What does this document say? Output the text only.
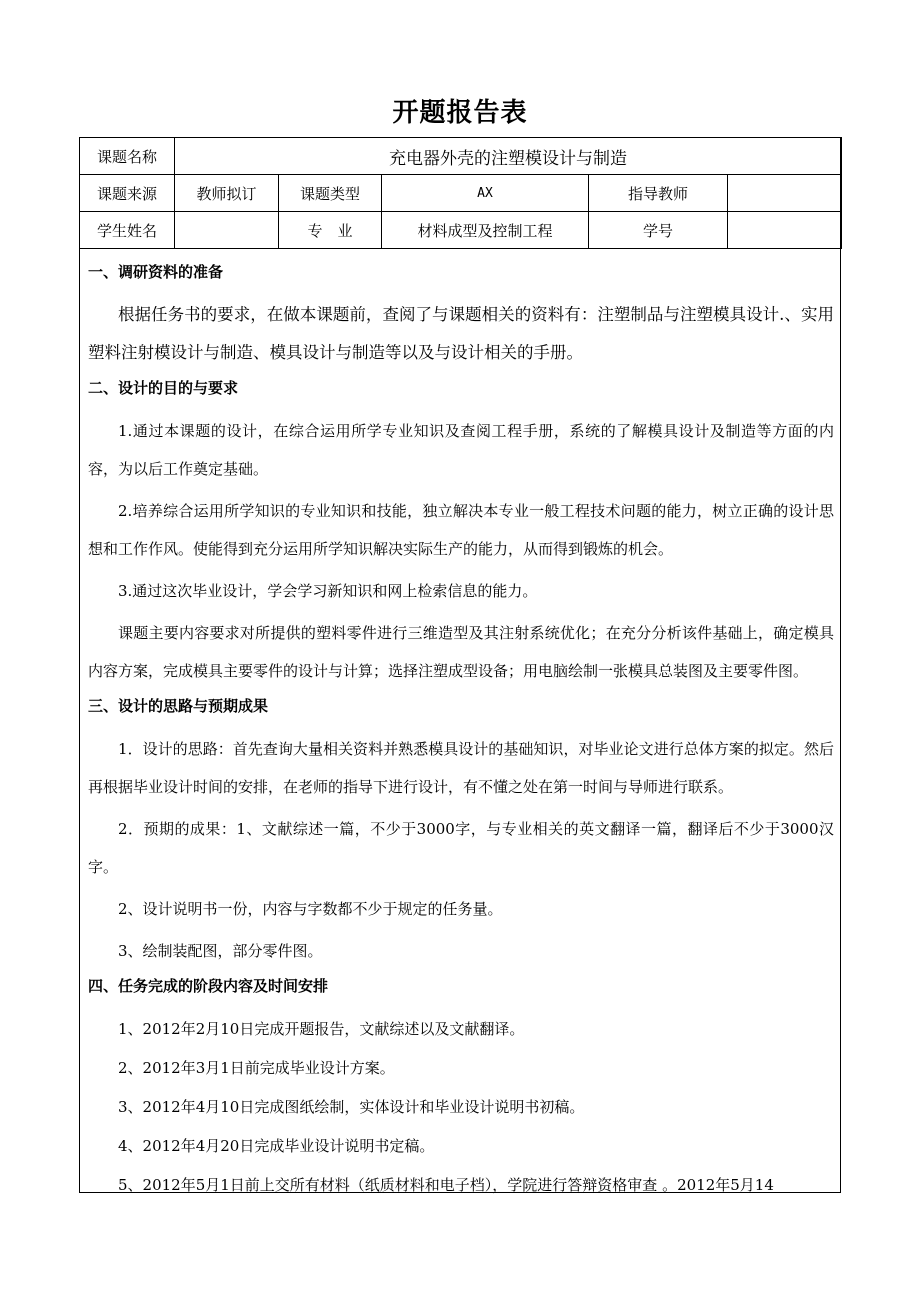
开题报告表
课题名称	充电器外壳的注塑模设计与制造				
课题来源	教师拟订	课题类型	AX	指导教师	
学生姓名		专　业	材料成型及控制工程	学号	
一、调研资料的准备

根据任务书的要求，在做本课题前，查阅了与课题相关的资料有：注塑制品与注塑模具设计.、实用塑料注射模设计与制造、模具设计与制造等以及与设计相关的手册。

二、设计的目的与要求

1.通过本课题的设计，在综合运用所学专业知识及查阅工程手册，系统的了解模具设计及制造等方面的内容，为以后工作奠定基础。

2.培养综合运用所学知识的专业知识和技能，独立解决本专业一般工程技术问题的能力，树立正确的设计思想和工作作风。使能得到充分运用所学知识解决实际生产的能力，从而得到锻炼的机会。

3.通过这次毕业设计，学会学习新知识和网上检索信息的能力。

课题主要内容要求对所提供的塑料零件进行三维造型及其注射系统优化；在充分分析该件基础上，确定模具内容方案，完成模具主要零件的设计与计算；选择注塑成型设备；用电脑绘制一张模具总装图及主要零件图。

三、设计的思路与预期成果

1．设计的思路：首先查询大量相关资料并熟悉模具设计的基础知识，对毕业论文进行总体方案的拟定。然后再根据毕业设计时间的安排，在老师的指导下进行设计，有不懂之处在第一时间与导师进行联系。

2．预期的成果：1、文献综述一篇，不少于3000字，与专业相关的英文翻译一篇，翻译后不少于3000汉字。

2、设计说明书一份，内容与字数都不少于规定的任务量。

3、绘制装配图，部分零件图。

四、任务完成的阶段内容及时间安排

1、2012年2月10日完成开题报告，文献综述以及文献翻译。

2、2012年3月1日前完成毕业设计方案。

3、2012年4月10日完成图纸绘制，实体设计和毕业设计说明书初稿。

4、2012年4月20日完成毕业设计说明书定稿。

5、2012年5月1日前上交所有材料（纸质材料和电子档），学院进行答辩资格审查 。2012年5月14
